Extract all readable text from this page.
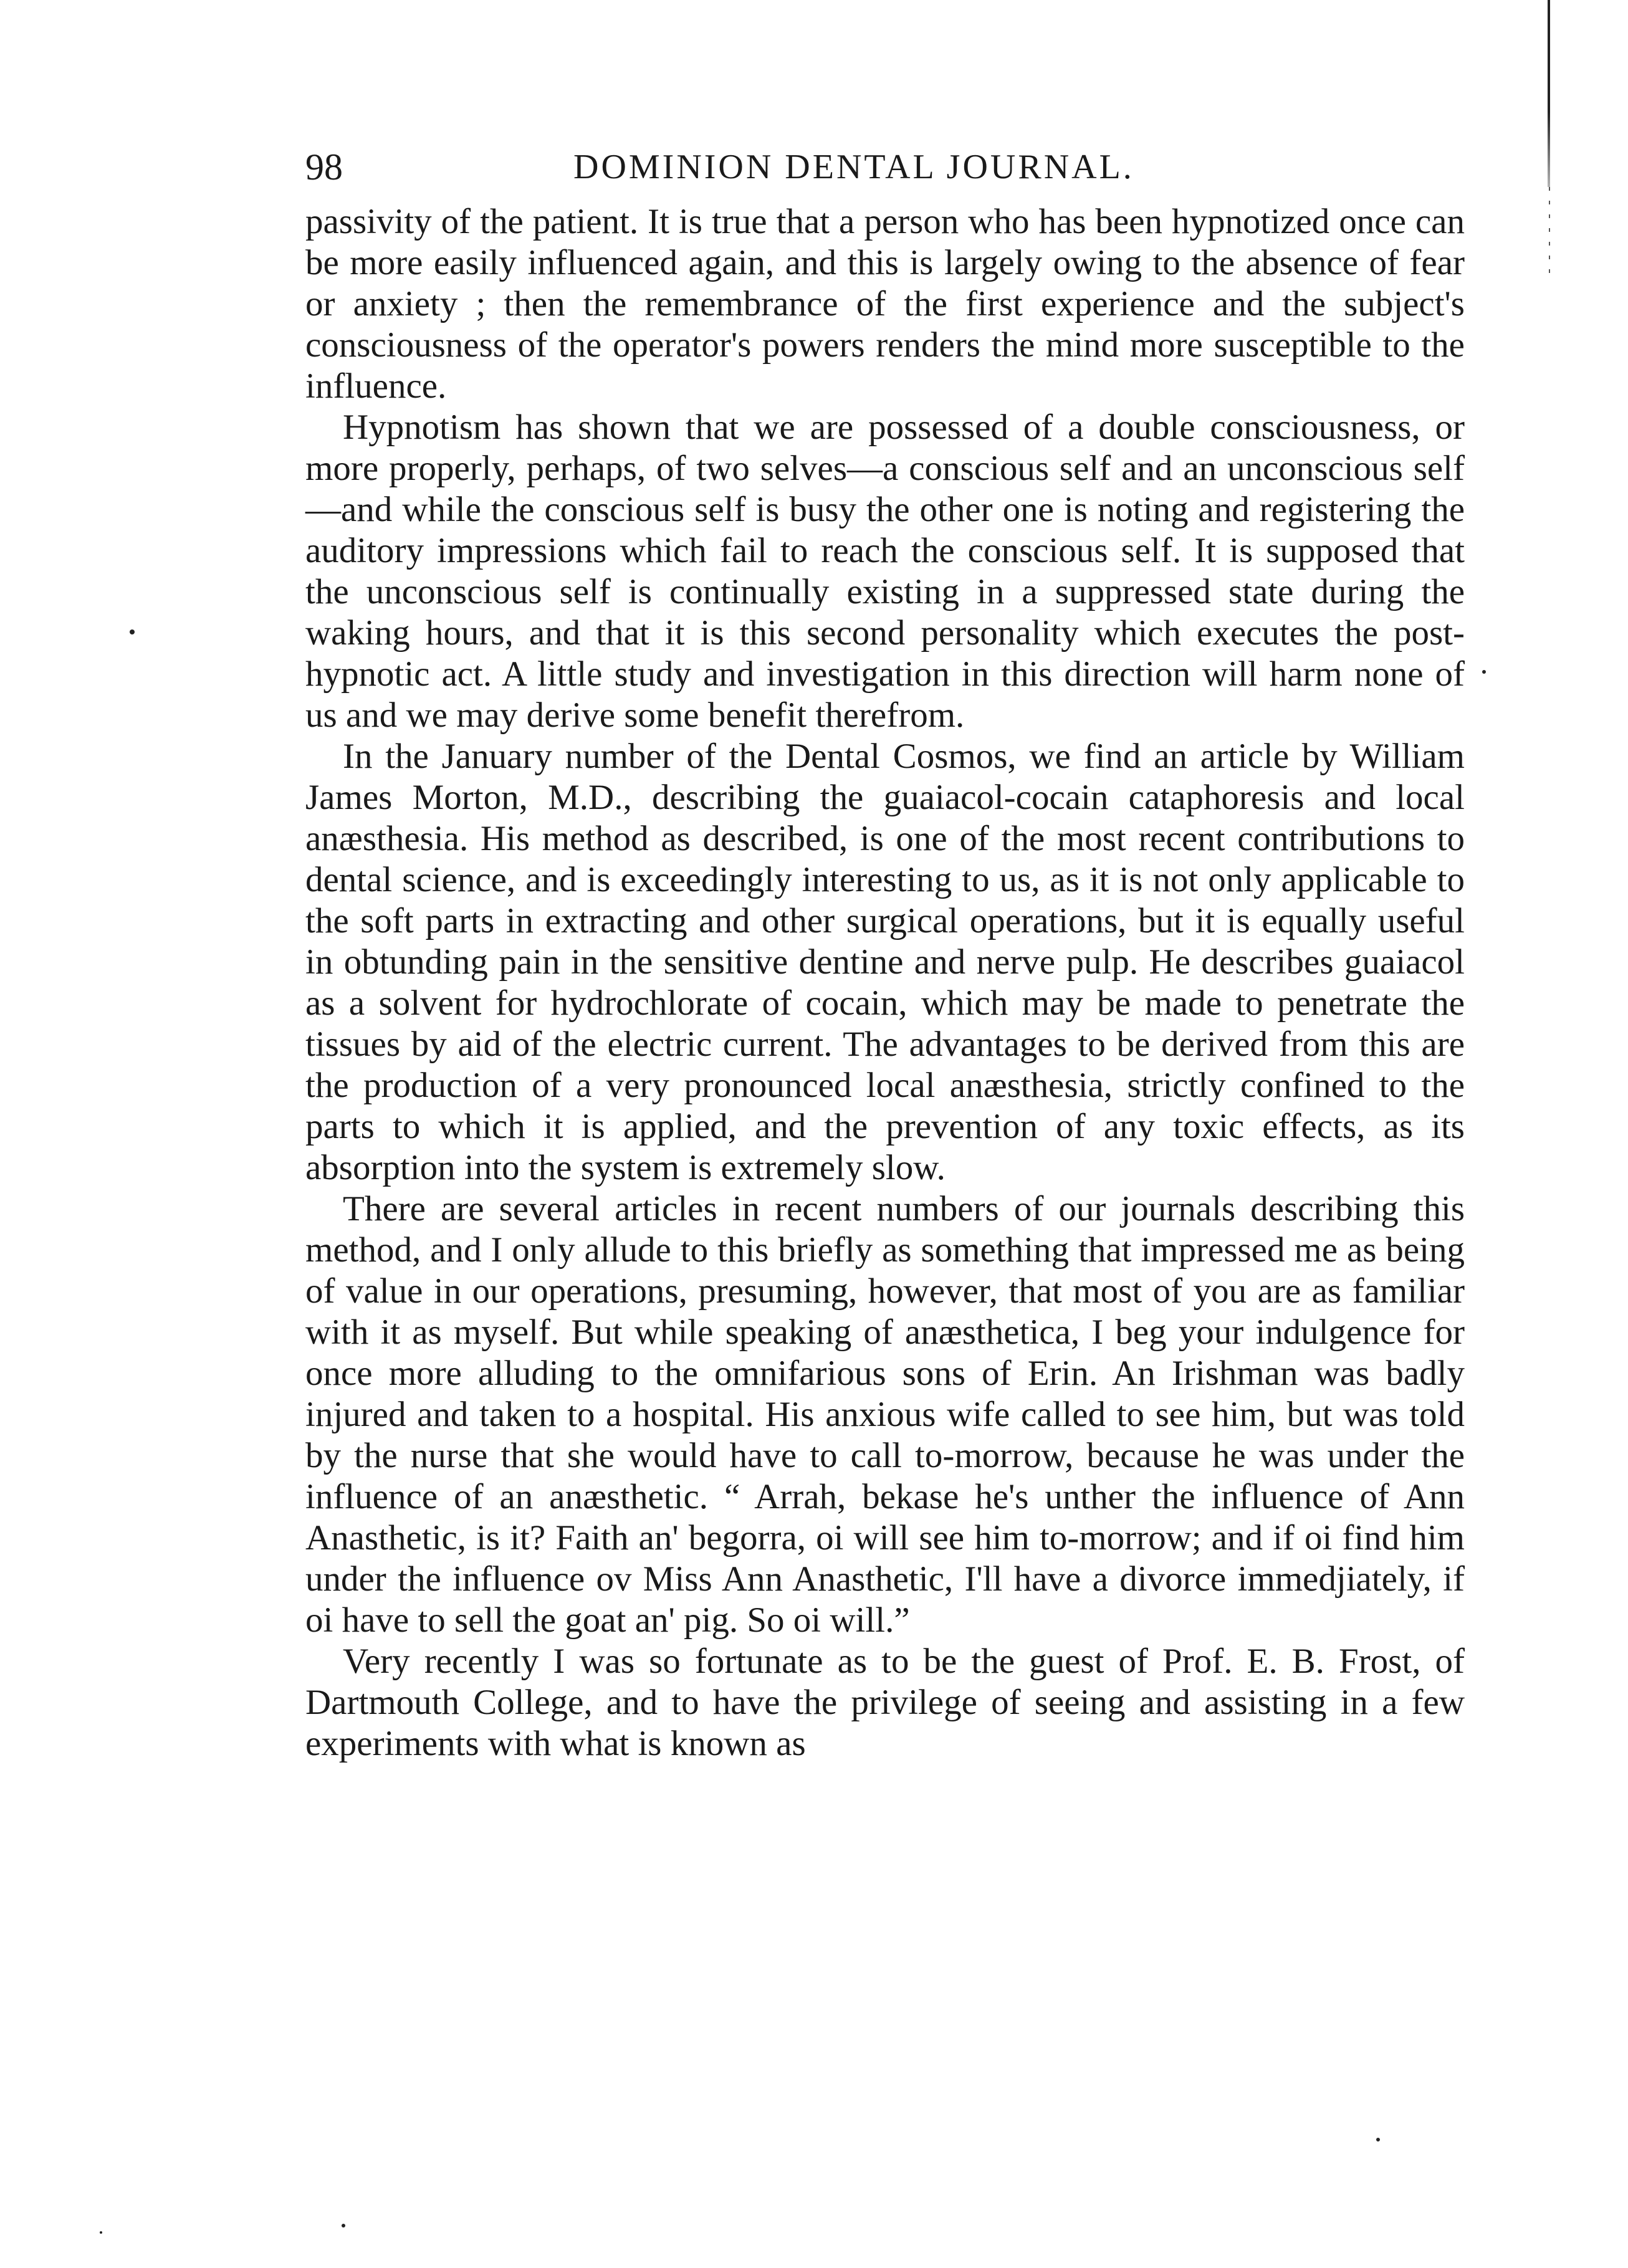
98	DOMINION DENTAL JOURNAL.

passivity of the patient. It is true that a person who has been hypnotized once can be more easily influenced again, and this is largely owing to the absence of fear or anxiety ; then the remembrance of the first experience and the subject's consciousness of the operator's powers renders the mind more susceptible to the influence.

Hypnotism has shown that we are possessed of a double consciousness, or more properly, perhaps, of two selves—a conscious self and an unconscious self—and while the conscious self is busy the other one is noting and registering the auditory impressions which fail to reach the conscious self. It is supposed that the unconscious self is continually existing in a suppressed state during the waking hours, and that it is this second personality which executes the post-hypnotic act. A little study and investigation in this direction will harm none of us and we may derive some benefit therefrom.

In the January number of the Dental Cosmos, we find an article by William James Morton, M.D., describing the guaiacol-cocain cataphoresis and local anæsthesia. His method as described, is one of the most recent contributions to dental science, and is exceedingly interesting to us, as it is not only applicable to the soft parts in extracting and other surgical operations, but it is equally useful in obtunding pain in the sensitive dentine and nerve pulp. He describes guaiacol as a solvent for hydrochlorate of cocain, which may be made to penetrate the tissues by aid of the electric current. The advantages to be derived from this are the production of a very pronounced local anæsthesia, strictly confined to the parts to which it is applied, and the prevention of any toxic effects, as its absorption into the system is extremely slow.

There are several articles in recent numbers of our journals describing this method, and I only allude to this briefly as something that impressed me as being of value in our operations, presuming, however, that most of you are as familiar with it as myself. But while speaking of anæsthetica, I beg your indulgence for once more alluding to the omnifarious sons of Erin. An Irishman was badly injured and taken to a hospital. His anxious wife called to see him, but was told by the nurse that she would have to call to-morrow, because he was under the influence of an anæsthetic. “ Arrah, bekase he's unther the influence of Ann Anasthetic, is it? Faith an' begorra, oi will see him to-morrow; and if oi find him under the influence ov Miss Ann Anasthetic, I'll have a divorce immedjiately, if oi have to sell the goat an' pig. So oi will.”

Very recently I was so fortunate as to be the guest of Prof. E. B. Frost, of Dartmouth College, and to have the privilege of seeing and assisting in a few experiments with what is known as
